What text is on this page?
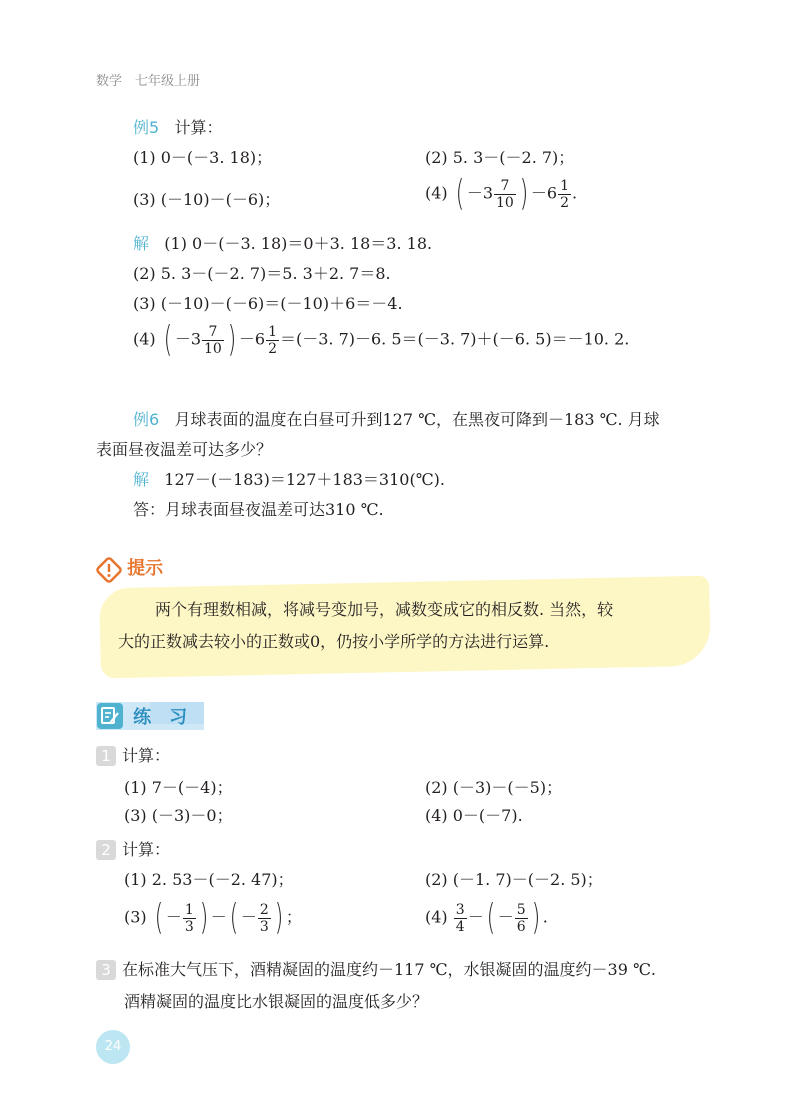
数学　七年级上册
例5 计算：
(1) 0－(－3. 18)；	(2) 5. 3－(－2. 7)；
(3) (－10)－(－6)；	(4) ( $-3 \frac{7}{10}$ ) $-6 \frac{1}{2}$ .
解 (1) 0－(－3. 18)＝0＋3. 18＝3. 18.
(2) 5. 3－(－2. 7)＝5. 3＋2. 7＝8.
(3) (－10)－(－6)＝(－10)＋6＝－4.
(4) ( $-3 \frac{7}{10}$ ) $-6 \frac{1}{2} =(-3$. 7)－6. 5＝(－3. 7)＋(－6. 5)＝－10. 2.
例6 月球表面的温度在白昼可升到127 ℃，在黑夜可降到－183 ℃. 月球
表面昼夜温差可达多少？
解 127－(－183)＝127＋183＝310(℃).
答：月球表面昼夜温差可达310 ℃.
提示
两个有理数相减，将减号变加号，减数变成它的相反数. 当然，较
大的正数减去较小的正数或0，仍按小学所学的方法进行运算.
练　习
1 计算：
(1) 7－(－4)；	(2) (－3)－(－5)；
(3) (－3)－0；	(4) 0－(－7).
2 计算：
(1) 2. 53－(－2. 47)；	(2) (－1. 7)－(－2. 5)；
(3) ( － $\frac{1}{3}$ ) －( － $\frac{2}{3}$ ) ；	$(4) \frac{3}{4}$ －( － $\frac{5}{6}$ ) .
3 在标准大气压下，酒精凝固的温度约－117 ℃，水银凝固的温度约－39 ℃.
酒精凝固的温度比水银凝固的温度低多少？
24
